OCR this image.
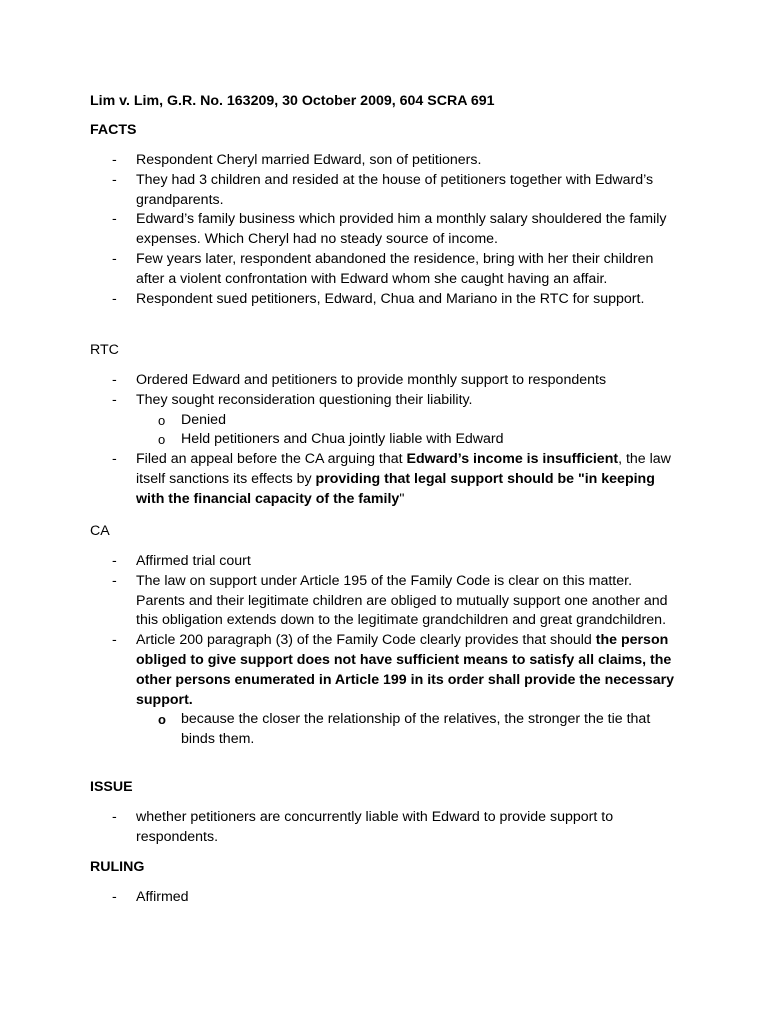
Lim v. Lim, G.R. No. 163209, 30 October 2009, 604 SCRA 691
FACTS
- Respondent Cheryl married Edward, son of petitioners.
- They had 3 children and resided at the house of petitioners together with Edward’s grandparents.
- Edward’s family business which provided him a monthly salary shouldered the family expenses. Which Cheryl had no steady source of income.
- Few years later, respondent abandoned the residence, bring with her their children after a violent confrontation with Edward whom she caught having an affair.
- Respondent sued petitioners, Edward, Chua and Mariano in the RTC for support.
RTC
- Ordered Edward and petitioners to provide monthly support to respondents
- They sought reconsideration questioning their liability.
o Denied
o Held petitioners and Chua jointly liable with Edward
- Filed an appeal before the CA arguing that Edward’s income is insufficient, the law itself sanctions its effects by providing that legal support should be "in keeping with the financial capacity of the family"
CA
- Affirmed trial court
- The law on support under Article 195 of the Family Code is clear on this matter. Parents and their legitimate children are obliged to mutually support one another and this obligation extends down to the legitimate grandchildren and great grandchildren.
- Article 200 paragraph (3) of the Family Code clearly provides that should the person obliged to give support does not have sufficient means to satisfy all claims, the other persons enumerated in Article 199 in its order shall provide the necessary support.
o because the closer the relationship of the relatives, the stronger the tie that binds them.
ISSUE
- whether petitioners are concurrently liable with Edward to provide support to respondents.
RULING
- Affirmed
